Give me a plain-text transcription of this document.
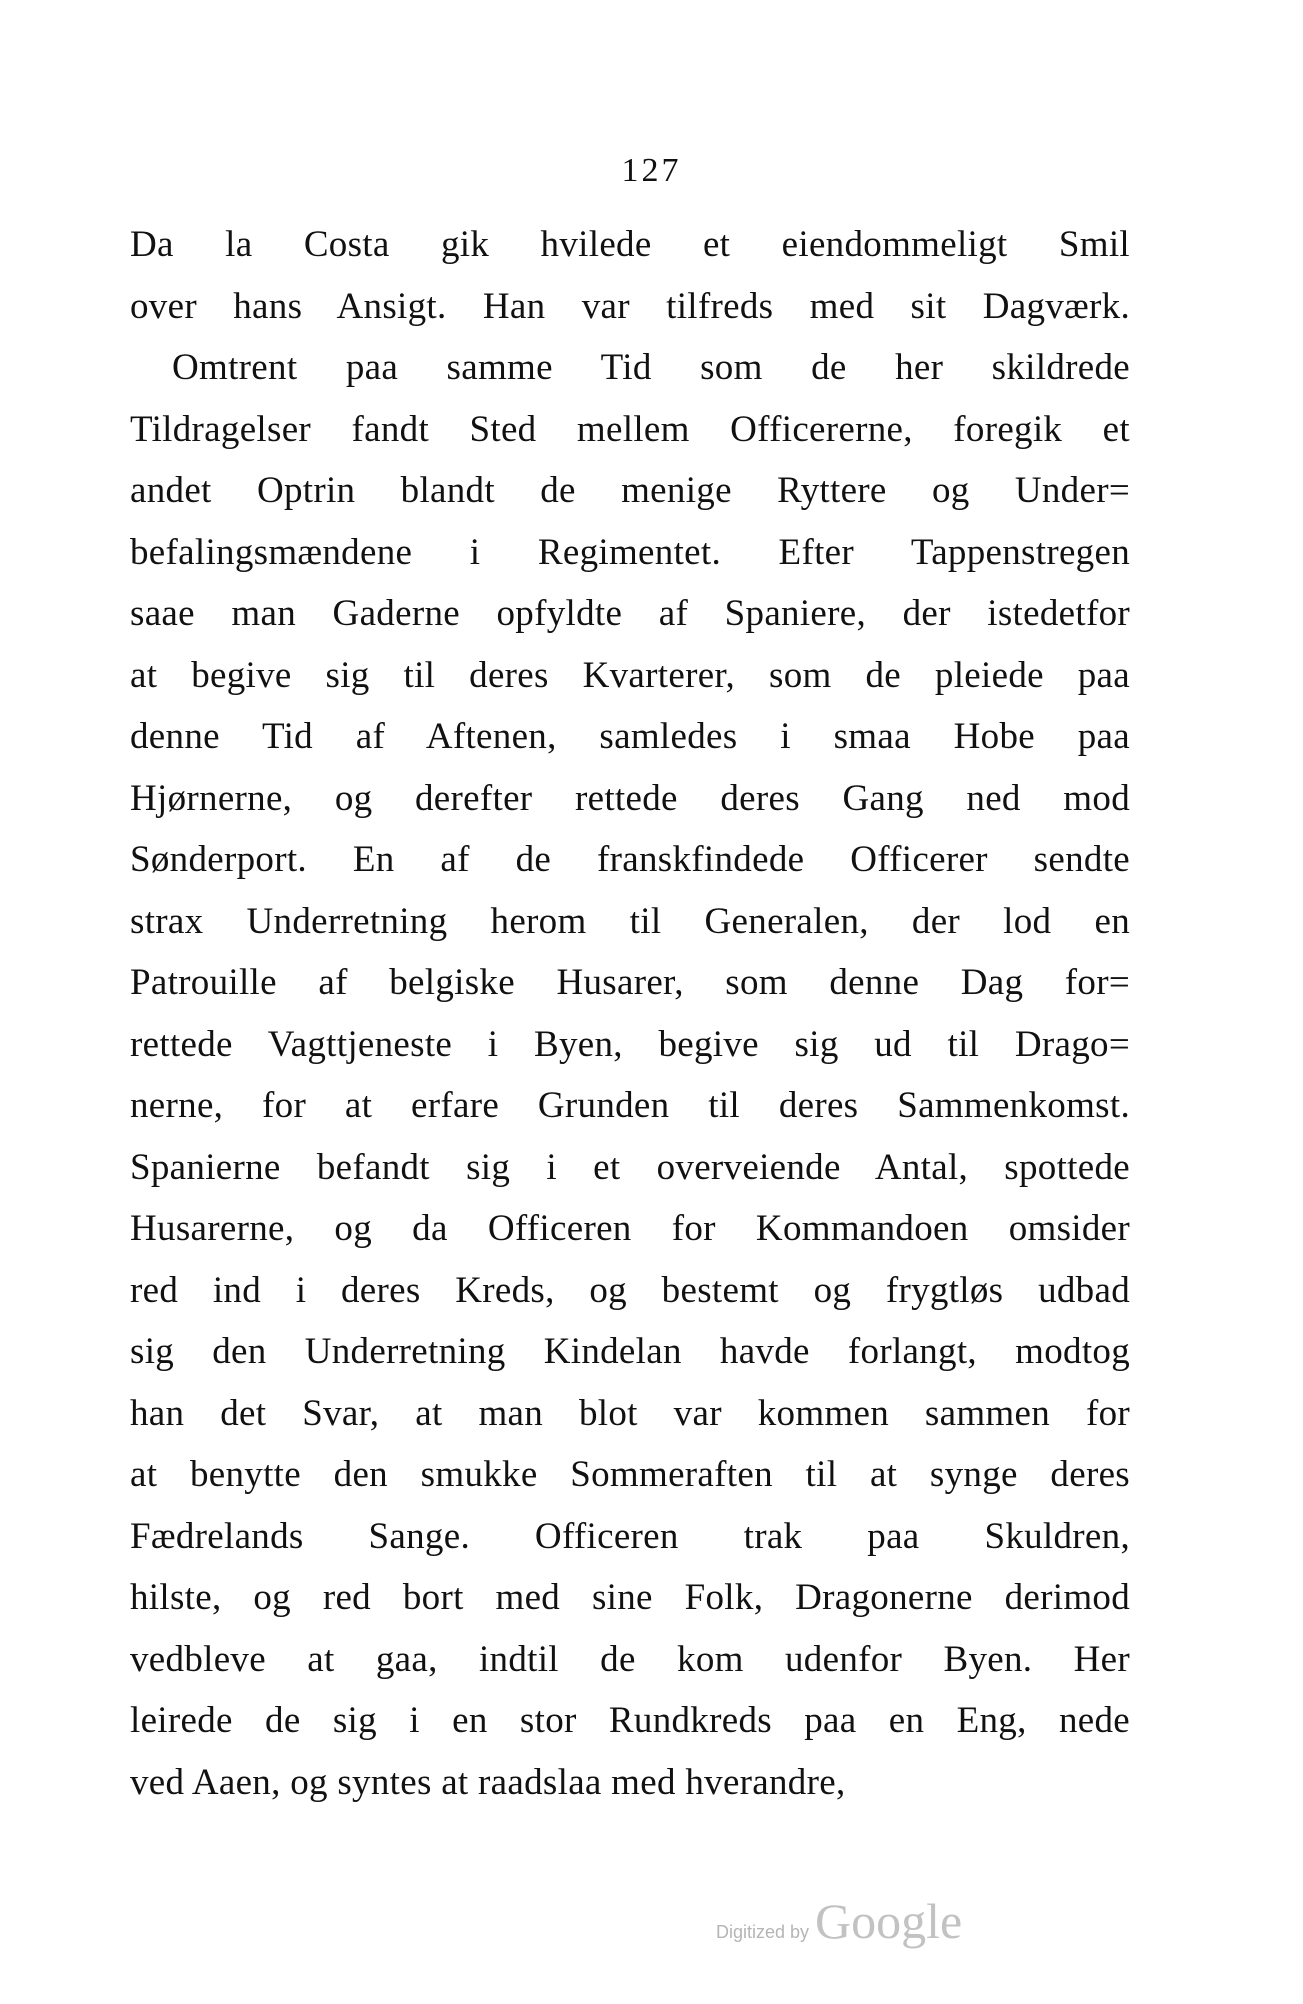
127
Da la Costa gik hvilede et eiendommeligt Smil
over hans Ansigt. Han var tilfreds med sit Dagværk.
Omtrent paa samme Tid som de her skildrede
Tildragelser fandt Sted mellem Officererne, foregik et
andet Optrin blandt de menige Ryttere og Under=
befalingsmændene i Regimentet. Efter Tappenstregen
saae man Gaderne opfyldte af Spaniere, der istedetfor
at begive sig til deres Kvarterer, som de pleiede paa
denne Tid af Aftenen, samledes i smaa Hobe paa
Hjørnerne, og derefter rettede deres Gang ned mod
Sønderport. En af de franskfindede Officerer sendte
strax Underretning herom til Generalen, der lod en
Patrouille af belgiske Husarer, som denne Dag for=
rettede Vagttjeneste i Byen, begive sig ud til Drago=
nerne, for at erfare Grunden til deres Sammenkomst.
Spanierne befandt sig i et overveiende Antal, spottede
Husarerne, og da Officeren for Kommandoen omsider
red ind i deres Kreds, og bestemt og frygtløs udbad
sig den Underretning Kindelan havde forlangt, modtog
han det Svar, at man blot var kommen sammen for
at benytte den smukke Sommeraften til at synge deres
Fædrelands Sange. Officeren trak paa Skuldren,
hilste, og red bort med sine Folk, Dragonerne derimod
vedbleve at gaa, indtil de kom udenfor Byen. Her
leirede de sig i en stor Rundkreds paa en Eng, nede
ved Aaen, og syntes at raadslaa med hverandre,
Digitized by Google
